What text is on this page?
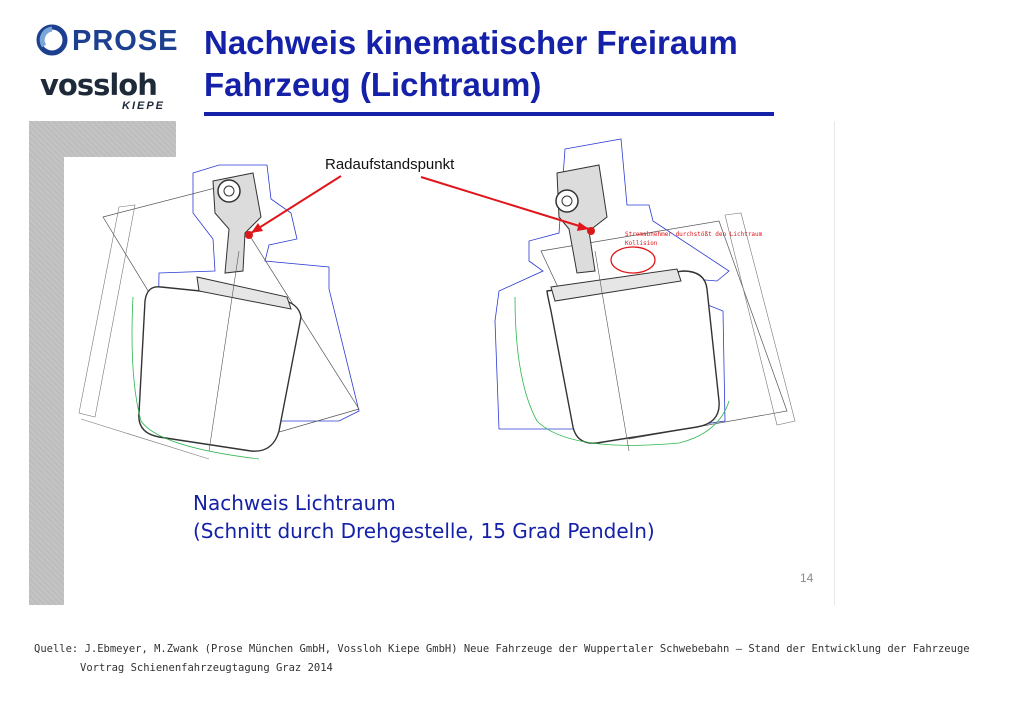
PROSE
vossloh
KIEPE
Nachweis kinematischer Freiraum
Fahrzeug (Lichtraum)
Radaufstandspunkt
Stromabnehmer durchstößt den Lichtraum
Kollision
Nachweis Lichtraum
(Schnitt durch Drehgestelle, 15 Grad Pendeln)
14
Quelle: J.Ebmeyer, M.Zwank (Prose München GmbH, Vossloh Kiepe GmbH) Neue Fahrzeuge der Wuppertaler Schwebebahn – Stand der Entwicklung der Fahrzeuge
Vortrag Schienenfahrzeugtagung Graz 2014
